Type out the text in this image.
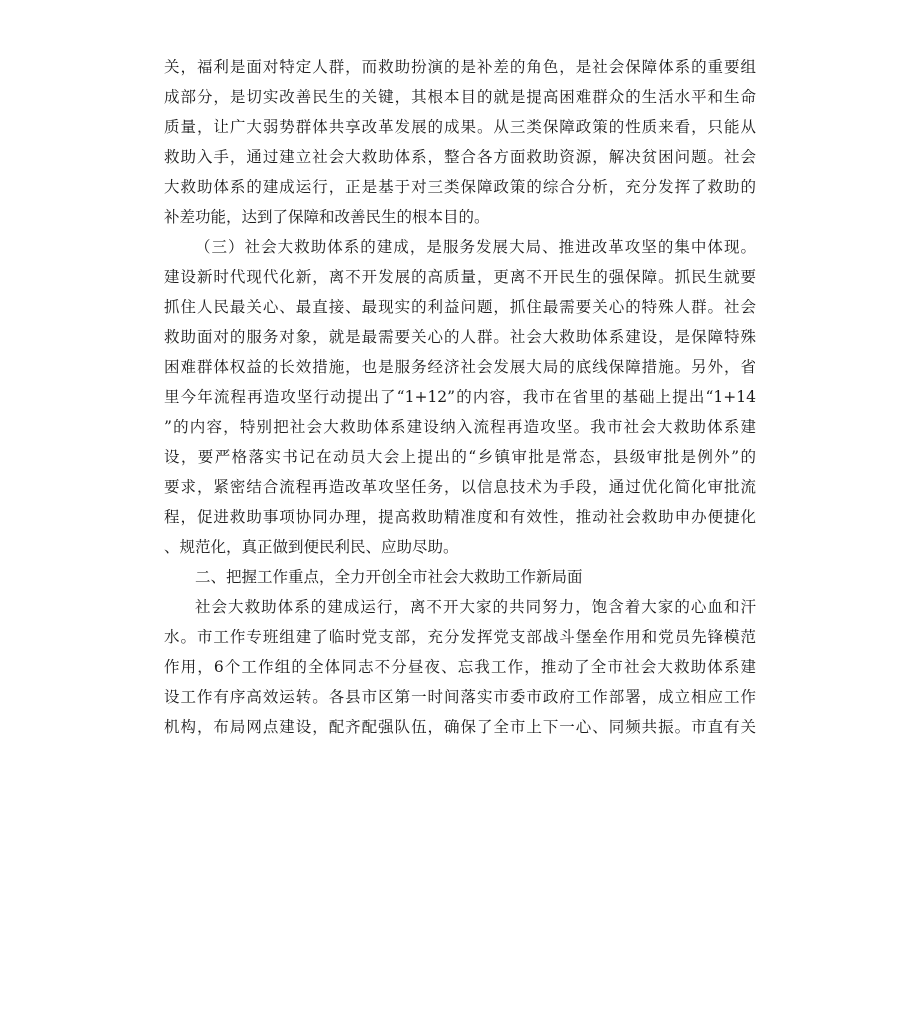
关，福利是面对特定人群，而救助扮演的是补差的角色，是社会保障体系的重要组
成部分，是切实改善民生的关键，其根本目的就是提高困难群众的生活水平和生命
质量，让广大弱势群体共享改革发展的成果。从三类保障政策的性质来看，只能从
救助入手，通过建立社会大救助体系，整合各方面救助资源，解决贫困问题。社会
大救助体系的建成运行，正是基于对三类保障政策的综合分析，充分发挥了救助的
补差功能，达到了保障和改善民生的根本目的。
（三）社会大救助体系的建成，是服务发展大局、推进改革攻坚的集中体现。
建设新时代现代化新，离不开发展的高质量，更离不开民生的强保障。抓民生就要
抓住人民最关心、最直接、最现实的利益问题，抓住最需要关心的特殊人群。社会
救助面对的服务对象，就是最需要关心的人群。社会大救助体系建设，是保障特殊
困难群体权益的长效措施，也是服务经济社会发展大局的底线保障措施。另外，省
里今年流程再造攻坚行动提出了“1+12”的内容，我市在省里的基础上提出“1+14
”的内容，特别把社会大救助体系建设纳入流程再造攻坚。我市社会大救助体系建
设，要严格落实书记在动员大会上提出的“乡镇审批是常态，县级审批是例外”的
要求，紧密结合流程再造改革攻坚任务，以信息技术为手段，通过优化简化审批流
程，促进救助事项协同办理，提高救助精准度和有效性，推动社会救助申办便捷化
、规范化，真正做到便民利民、应助尽助。
二、把握工作重点，全力开创全市社会大救助工作新局面
社会大救助体系的建成运行，离不开大家的共同努力，饱含着大家的心血和汗
水。市工作专班组建了临时党支部，充分发挥党支部战斗堡垒作用和党员先锋模范
作用，6个工作组的全体同志不分昼夜、忘我工作，推动了全市社会大救助体系建
设工作有序高效运转。各县市区第一时间落实市委市政府工作部署，成立相应工作
机构，布局网点建设，配齐配强队伍，确保了全市上下一心、同频共振。市直有关
